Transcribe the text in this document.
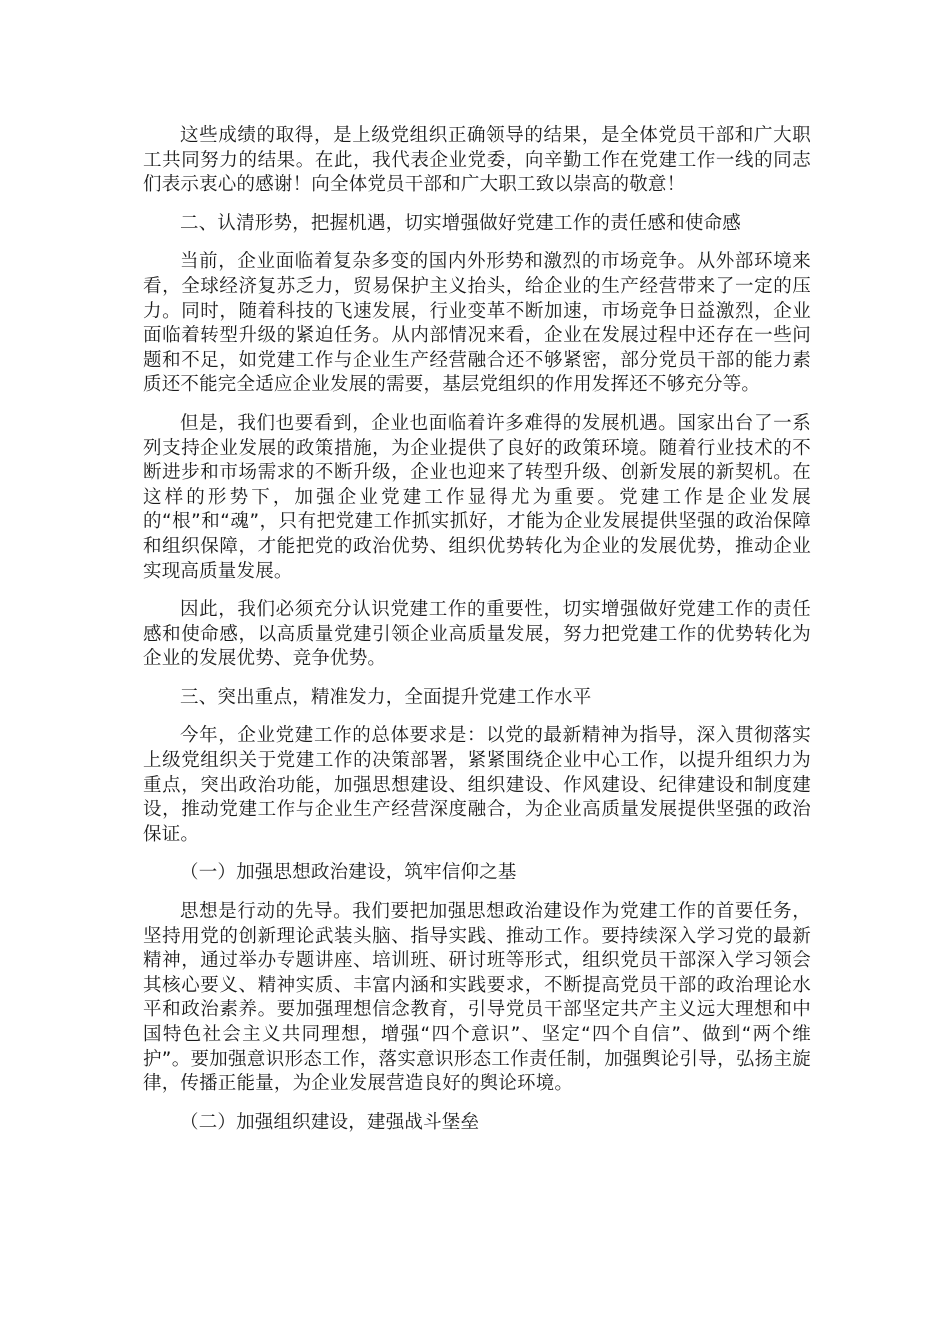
这些成绩的取得，是上级党组织正确领导的结果，是全体党员干部和广大职工共同努力的结果。在此，我代表企业党委，向辛勤工作在党建工作一线的同志们表示衷心的感谢！向全体党员干部和广大职工致以崇高的敬意！

二、认清形势，把握机遇，切实增强做好党建工作的责任感和使命感

当前，企业面临着复杂多变的国内外形势和激烈的市场竞争。从外部环境来看，全球经济复苏乏力，贸易保护主义抬头，给企业的生产经营带来了一定的压力。同时，随着科技的飞速发展，行业变革不断加速，市场竞争日益激烈，企业面临着转型升级的紧迫任务。从内部情况来看，企业在发展过程中还存在一些问题和不足，如党建工作与企业生产经营融合还不够紧密，部分党员干部的能力素质还不能完全适应企业发展的需要，基层党组织的作用发挥还不够充分等。

但是，我们也要看到，企业也面临着许多难得的发展机遇。国家出台了一系列支持企业发展的政策措施，为企业提供了良好的政策环境。随着行业技术的不断进步和市场需求的不断升级，企业也迎来了转型升级、创新发展的新契机。在这样的形势下，加强企业党建工作显得尤为重要。党建工作是企业发展的“根”和“魂”，只有把党建工作抓实抓好，才能为企业发展提供坚强的政治保障和组织保障，才能把党的政治优势、组织优势转化为企业的发展优势，推动企业实现高质量发展。

因此，我们必须充分认识党建工作的重要性，切实增强做好党建工作的责任感和使命感，以高质量党建引领企业高质量发展，努力把党建工作的优势转化为企业的发展优势、竞争优势。

三、突出重点，精准发力，全面提升党建工作水平

今年，企业党建工作的总体要求是：以党的最新精神为指导，深入贯彻落实上级党组织关于党建工作的决策部署，紧紧围绕企业中心工作，以提升组织力为重点，突出政治功能，加强思想建设、组织建设、作风建设、纪律建设和制度建设，推动党建工作与企业生产经营深度融合，为企业高质量发展提供坚强的政治保证。

（一）加强思想政治建设，筑牢信仰之基

思想是行动的先导。我们要把加强思想政治建设作为党建工作的首要任务，坚持用党的创新理论武装头脑、指导实践、推动工作。要持续深入学习党的最新精神，通过举办专题讲座、培训班、研讨班等形式，组织党员干部深入学习领会其核心要义、精神实质、丰富内涵和实践要求，不断提高党员干部的政治理论水平和政治素养。要加强理想信念教育，引导党员干部坚定共产主义远大理想和中国特色社会主义共同理想，增强“四个意识”、坚定“四个自信”、做到“两个维护”。要加强意识形态工作，落实意识形态工作责任制，加强舆论引导，弘扬主旋律，传播正能量，为企业发展营造良好的舆论环境。

（二）加强组织建设，建强战斗堡垒
